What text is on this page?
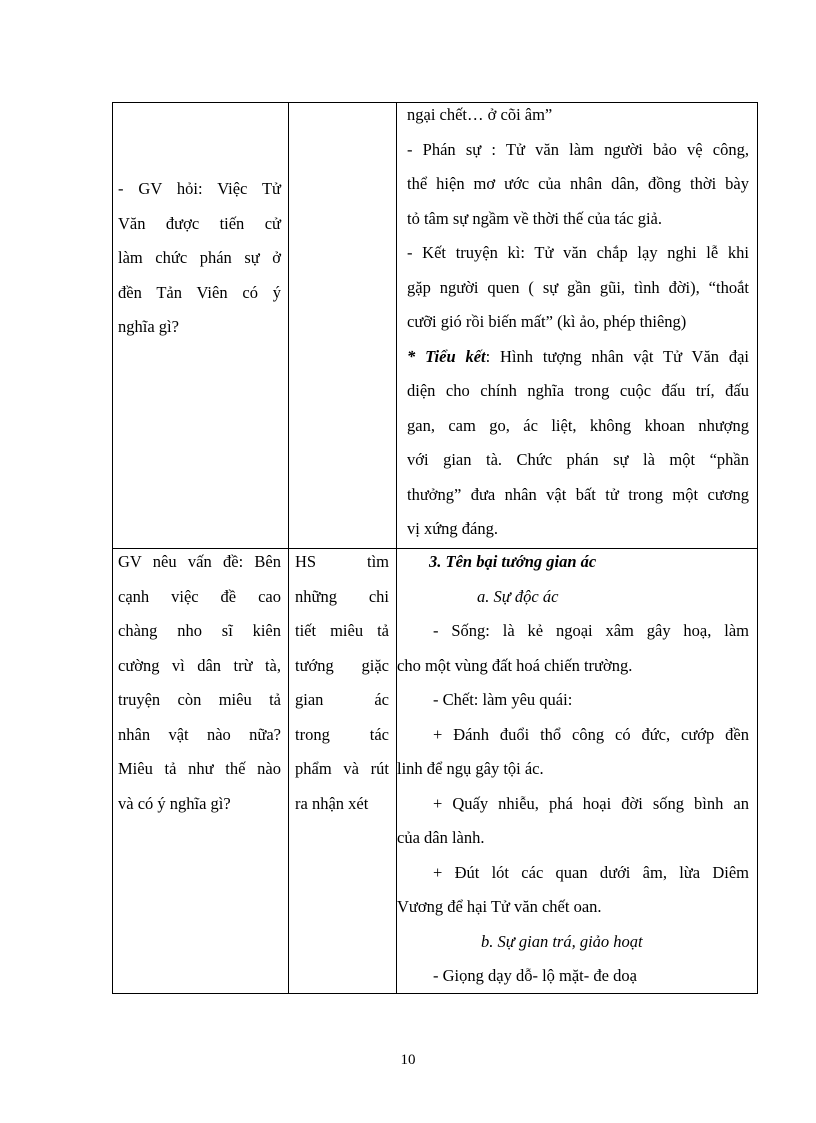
- GV hỏi: Việc Tử
Văn được tiến cử
làm chức phán sự ở
đền Tản Viên có ý
nghĩa gì?
ngại chết… ở cõi âm”
- Phán sự : Tử văn làm người bảo vệ công,
thể hiện mơ ước của nhân dân, đồng thời bày
tỏ tâm sự ngầm về thời thế của tác giả.
- Kết truyện kì: Tử văn chắp lạy nghi lễ khi
gặp người quen ( sự gần gũi, tình đời), “thoắt
cưỡi gió rồi biến mất” (kì ảo, phép thiêng)
* Tiểu kết: Hình tượng nhân vật Tử Văn đại
diện cho chính nghĩa trong cuộc đấu trí, đấu
gan, cam go, ác liệt, không khoan nhượng
với gian tà. Chức phán sự là một “phần
thưởng” đưa nhân vật bất tử trong một cương
vị xứng đáng.
GV nêu vấn đề: Bên
cạnh việc đề cao
chàng nho sĩ kiên
cường vì dân trừ tà,
truyện còn miêu tả
nhân vật nào nữa?
Miêu tả như thế nào
và có ý nghĩa gì?
HS tìm
những chi
tiết miêu tả
tướng giặc
gian ác
trong tác
phẩm và rút
ra nhận xét
3. Tên bại tướng gian ác
a. Sự độc ác
- Sống: là kẻ ngoại xâm gây hoạ, làm
cho một vùng đất hoá chiến trường.
- Chết: làm yêu quái:
+ Đánh đuổi thổ công có đức, cướp đền
linh để ngụ gây tội ác.
+ Quấy nhiễu, phá hoại đời sống bình an
của dân lành.
+ Đút lót các quan dưới âm, lừa Diêm
Vương để hại Tử văn chết oan.
b. Sự gian trá, giảo hoạt
- Giọng dạy dỗ- lộ mặt- đe doạ
10
